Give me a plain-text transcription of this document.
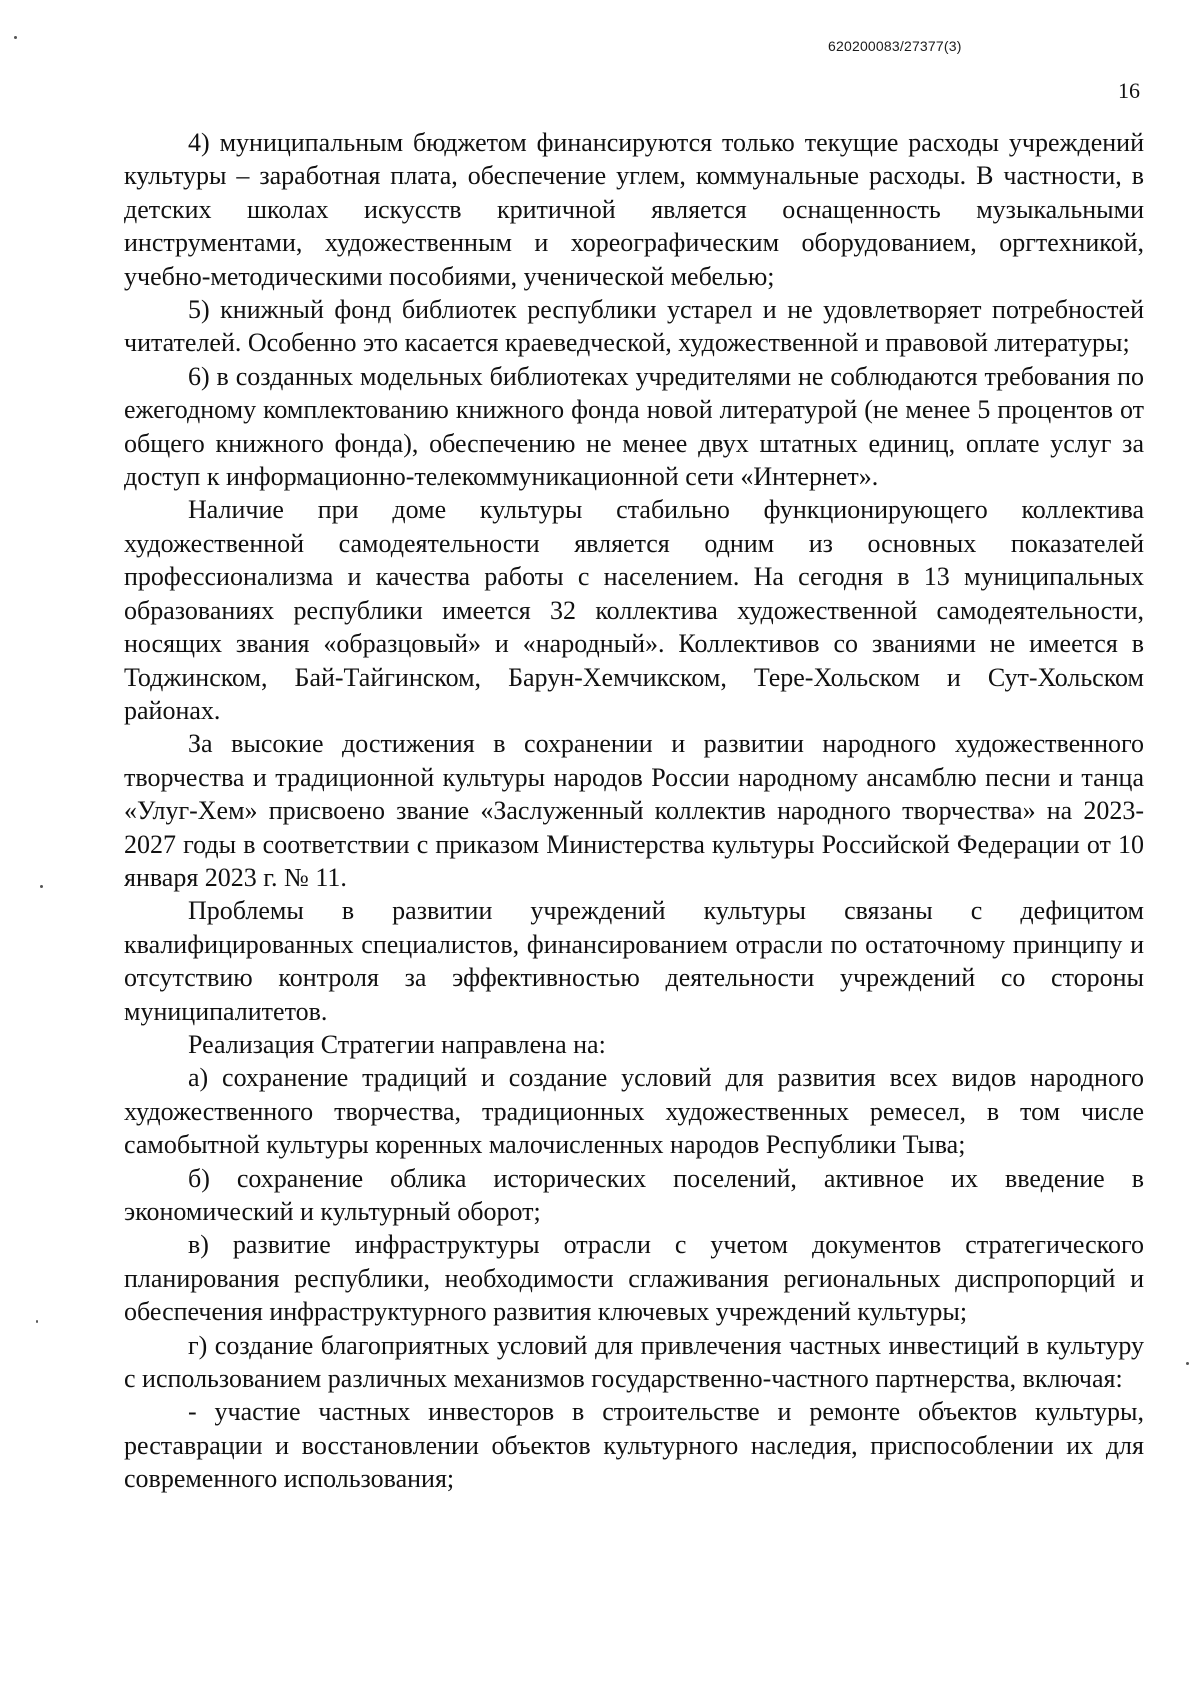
620200083/27377(3)
16

4) муниципальным бюджетом финансируются только текущие расходы учреждений культуры – заработная плата, обеспечение углем, коммунальные расходы. В частности, в детских школах искусств критичной является оснащенность музыкальными инструментами, художественным и хореографическим оборудованием, оргтехникой, учебно-методическими пособиями, ученической мебелью;

5) книжный фонд библиотек республики устарел и не удовлетворяет потребностей читателей. Особенно это касается краеведческой, художественной и правовой литературы;

6) в созданных модельных библиотеках учредителями не соблюдаются требования по ежегодному комплектованию книжного фонда новой литературой (не менее 5 процентов от общего книжного фонда), обеспечению не менее двух штатных единиц, оплате услуг за доступ к информационно-телекоммуникационной сети «Интернет».

Наличие при доме культуры стабильно функционирующего коллектива художественной самодеятельности является одним из основных показателей профессионализма и качества работы с населением. На сегодня в 13 муниципальных образованиях республики имеется 32 коллектива художественной самодеятельности, носящих звания «образцовый» и «народный». Коллективов со званиями не имеется в Тоджинском, Бай-Тайгинском, Барун-Хемчикском, Тере-Хольском и Сут-Хольском районах.

За высокие достижения в сохранении и развитии народного художественного творчества и традиционной культуры народов России народному ансамблю песни и танца «Улуг-Хем» присвоено звание «Заслуженный коллектив народного творчества» на 2023-2027 годы в соответствии с приказом Министерства культуры Российской Федерации от 10 января 2023 г. № 11.

Проблемы в развитии учреждений культуры связаны с дефицитом квалифицированных специалистов, финансированием отрасли по остаточному принципу и отсутствию контроля за эффективностью деятельности учреждений со стороны муниципалитетов.

Реализация Стратегии направлена на:

а) сохранение традиций и создание условий для развития всех видов народного художественного творчества, традиционных художественных ремесел, в том числе самобытной культуры коренных малочисленных народов Республики Тыва;

б) сохранение облика исторических поселений, активное их введение в экономический и культурный оборот;

в) развитие инфраструктуры отрасли с учетом документов стратегического планирования республики, необходимости сглаживания региональных диспропорций и обеспечения инфраструктурного развития ключевых учреждений культуры;

г) создание благоприятных условий для привлечения частных инвестиций в культуру с использованием различных механизмов государственно-частного партнерства, включая:

- участие частных инвесторов в строительстве и ремонте объектов культуры, реставрации и восстановлении объектов культурного наследия, приспособлении их для современного использования;
